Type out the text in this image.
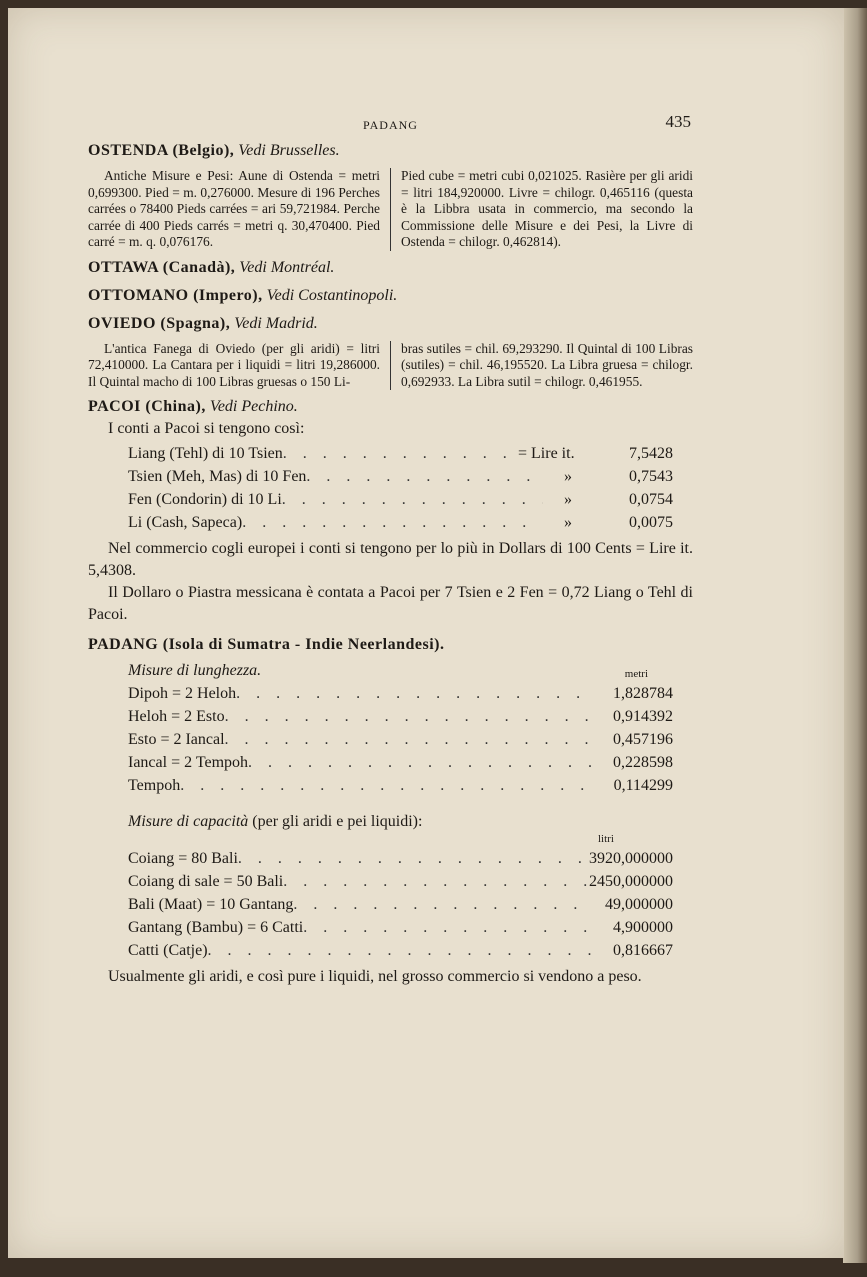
PADANG	435
OSTENDA (Belgio), Vedi Brusselles.

Antiche Misure e Pesi: Aune di Ostenda = metri 0,699300. Pied = m. 0,276000. Mesure di 196 Perches carrées o 78400 Pieds carrées = ari 59,721984. Perche carrée di 400 Pieds carrés = metri q. 30,470400. Pied carré = m. q. 0,076176.

Pied cube = metri cubi 0,021025. Rasière per gli aridi = litri 184,920000. Livre = chilogr. 0,465116 (questa è la Libbra usata in commercio, ma secondo la Commissione delle Misure e dei Pesi, la Livre di Ostenda = chilogr. 0,462814).

OTTAWA (Canadà), Vedi Montréal.
OTTOMANO (Impero), Vedi Costantinopoli.
OVIEDO (Spagna), Vedi Madrid.

L'antica Fanega di Oviedo (per gli aridi) = litri 72,410000. La Cantara per i liquidi = litri 19,286000. Il Quintal macho di 100 Libras gruesas o 150 Li-

bras sutiles = chil. 69,293290. Il Quintal di 100 Libras (sutiles) = chil. 46,195520. La Libra gruesa = chilogr. 0,692933. La Libra sutil = chilogr. 0,461955.

PACOI (China), Vedi Pechino.

I conti a Pacoi si tengono così:

Liang (Tehl) di 10 Tsien . . .	= Lire it.	7,5428
Tsien (Meh, Mas) di 10 Fen . . .	»	0,7543
Fen (Condorin) di 10 Li . . .	»	0,0754
Li (Cash, Sapeca) . . .	»	0,0075

Nel commercio cogli europei i conti si tengono per lo più in Dollars di 100 Cents = Lire it. 5,4308.

Il Dollaro o Piastra messicana è contata a Pacoi per 7 Tsien e 2 Fen = 0,72 Liang o Tehl di Pacoi.

PADANG (Isola di Sumatra - Indie Neerlandesi).
Misure di lunghezza.	metri
Dipoh = 2 Heloh . . .	1,828784
Heloh = 2 Esto . . .	0,914392
Esto = 2 Iancal . . .	0,457196
Iancal = 2 Tempoh . . .	0,228598
Tempoh . . .	0,114299
Misure di capacità (per gli aridi e pei liquidi):
litri
Coiang = 80 Bali . . .	3920,000000
Coiang di sale = 50 Bali . . .	2450,000000
Bali (Maat) = 10 Gantang . . .	49,000000
Gantang (Bambu) = 6 Catti . . .	4,900000
Catti (Catje) . . .	0,816667

Usualmente gli aridi, e così pure i liquidi, nel grosso commercio si vendono a peso.
